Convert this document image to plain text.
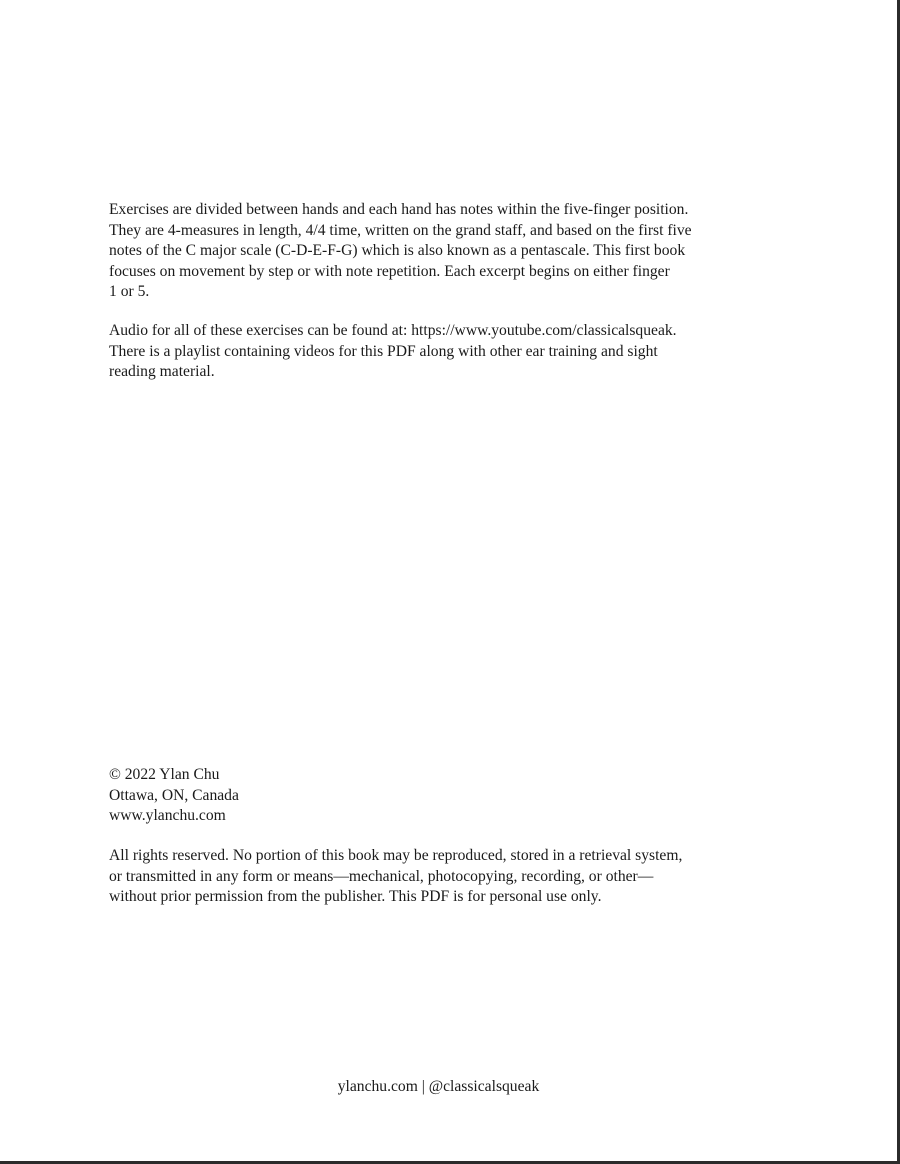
Exercises are divided between hands and each hand has notes within the five-finger position.
They are 4-measures in length, 4/4 time, written on the grand staff, and based on the first five
notes of the C major scale (C-D-E-F-G) which is also known as a pentascale. This first book
focuses on movement by step or with note repetition. Each excerpt begins on either finger
1 or 5.

Audio for all of these exercises can be found at: https://www.youtube.com/classicalsqueak.
There is a playlist containing videos for this PDF along with other ear training and sight
reading material.

© 2022 Ylan Chu
Ottawa, ON, Canada
www.ylanchu.com

All rights reserved. No portion of this book may be reproduced, stored in a retrieval system,
or transmitted in any form or means—mechanical, photocopying, recording, or other—
without prior permission from the publisher. This PDF is for personal use only.

ylanchu.com | @classicalsqueak
